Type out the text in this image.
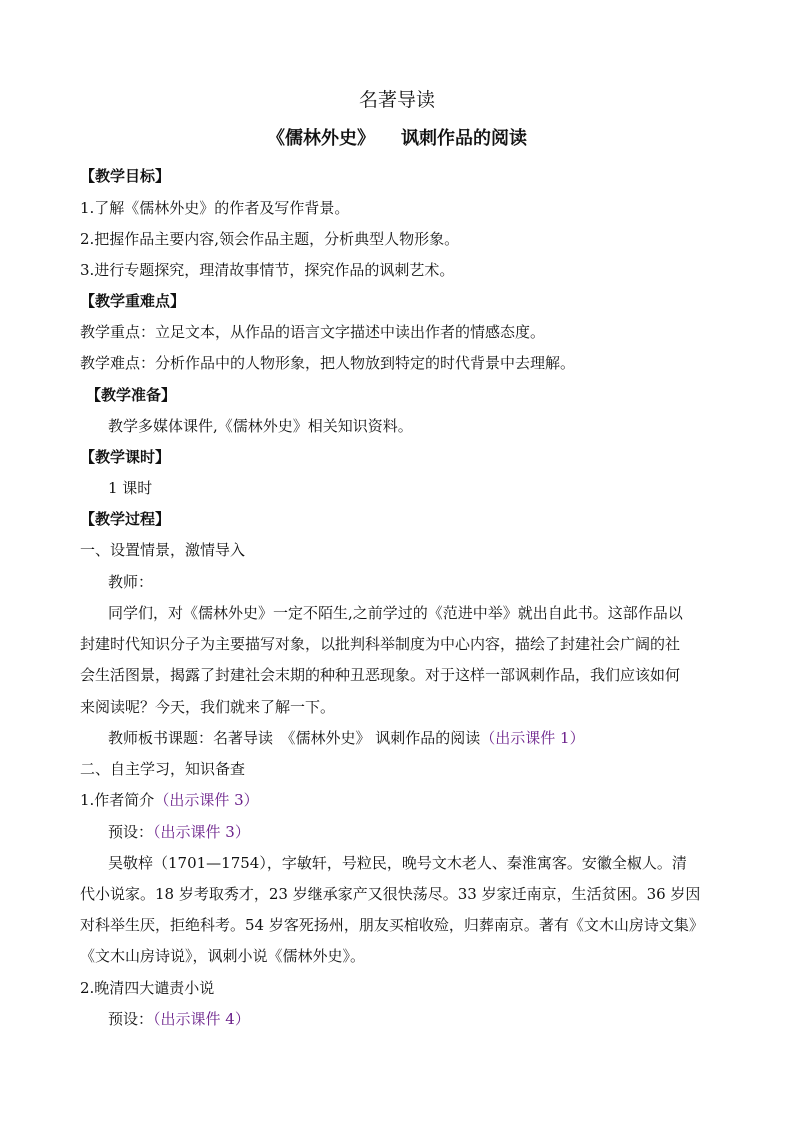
名著导读
《儒林外史》 讽刺作品的阅读
【教学目标】
1.了解《儒林外史》的作者及写作背景。
2.把握作品主要内容,领会作品主题，分析典型人物形象。
3.进行专题探究，理清故事情节，探究作品的讽刺艺术。
【教学重难点】
教学重点：立足文本，从作品的语言文字描述中读出作者的情感态度。
教学难点：分析作品中的人物形象，把人物放到特定的时代背景中去理解。
【教学准备】
教学多媒体课件,《儒林外史》相关知识资料。
【教学课时】
1 课时
【教学过程】
一、设置情景，激情导入
教师：
同学们，对《儒林外史》一定不陌生,之前学过的《范进中举》就出自此书。这部作品以
封建时代知识分子为主要描写对象，以批判科举制度为中心内容，描绘了封建社会广阔的社
会生活图景，揭露了封建社会末期的种种丑恶现象。对于这样一部讽刺作品，我们应该如何
来阅读呢？今天，我们就来了解一下。
教师板书课题：名著导读　《儒林外史》 讽刺作品的阅读（出示课件 1）
二、自主学习，知识备查
1.作者简介（出示课件 3）
预设：（出示课件 3）
吴敬梓（1701—1754），字敏轩，号粒民，晚号文木老人、秦淮寓客。安徽全椒人。清
代小说家。18 岁考取秀才，23 岁继承家产又很快荡尽。33 岁家迁南京，生活贫困。36 岁因
对科举生厌，拒绝科考。54 岁客死扬州，朋友买棺收殓，归葬南京。著有《文木山房诗文集》
《文木山房诗说》，讽刺小说《儒林外史》。
2.晚清四大谴责小说
预设：（出示课件 4）
